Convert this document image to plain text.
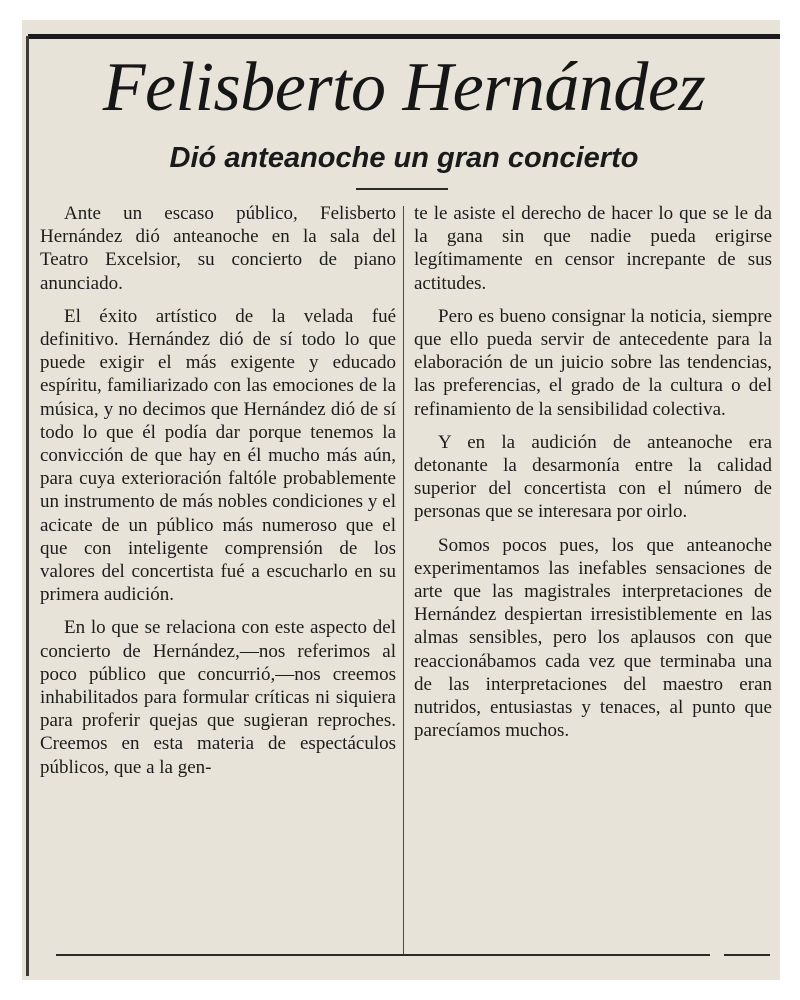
Felisberto Hernández
Dió anteanoche un gran concierto

Ante un escaso público, Felisberto Hernández dió anteanoche en la sala del Teatro Excelsior, su concierto de piano anunciado.

El éxito artístico de la velada fué definitivo. Hernández dió de sí todo lo que puede exigir el más exigente y educado espíritu, familiarizado con las emociones de la música, y no decimos que Hernández dió de sí todo lo que él podía dar porque tenemos la convicción de que hay en él mucho más aún, para cuya exterioración faltóle probablemente un instrumento de más nobles condiciones y el acicate de un público más numeroso que el que con inteligente comprensión de los valores del concertista fué a escucharlo en su primera audición.

En lo que se relaciona con este aspecto del concierto de Hernández,—nos referimos al poco público que concurrió,—nos creemos inhabilitados para formular críticas ni siquiera para proferir quejas que sugieran reproches. Creemos en esta materia de espectáculos públicos, que a la gen-

te le asiste el derecho de hacer lo que se le da la gana sin que nadie pueda erigirse legítimamente en censor increpante de sus actitudes.

Pero es bueno consignar la noticia, siempre que ello pueda servir de antecedente para la elaboración de un juicio sobre las tendencias, las preferencias, el grado de la cultura o del refinamiento de la sensibilidad colectiva.

Y en la audición de anteanoche era detonante la desarmonía entre la calidad superior del concertista con el número de personas que se interesara por oirlo.

Somos pocos pues, los que anteanoche experimentamos las inefables sensaciones de arte que las magistrales interpretaciones de Hernández despiertan irresistiblemente en las almas sensibles, pero los aplausos con que reaccionábamos cada vez que terminaba una de las interpretaciones del maestro eran nutridos, entusiastas y tenaces, al punto que parecíamos muchos.
